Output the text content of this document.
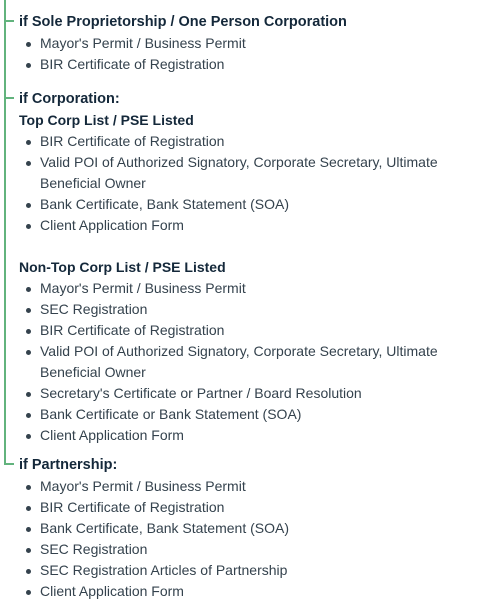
if Sole Proprietorship / One Person Corporation

Mayor's Permit / Business Permit
BIR Certificate of Registration

if Corporation:

Top Corp List / PSE Listed

BIR Certificate of Registration
Valid POI of Authorized Signatory, Corporate Secretary, Ultimate Beneficial Owner
Bank Certificate, Bank Statement (SOA)
Client Application Form

Non-Top Corp List / PSE Listed

Mayor's Permit / Business Permit
SEC Registration
BIR Certificate of Registration
Valid POI of Authorized Signatory, Corporate Secretary, Ultimate Beneficial Owner
Secretary's Certificate or Partner / Board Resolution
Bank Certificate or Bank Statement (SOA)
Client Application Form

if Partnership:

Mayor's Permit / Business Permit
BIR Certificate of Registration
Bank Certificate, Bank Statement (SOA)
SEC Registration
SEC Registration Articles of Partnership
Client Application Form
